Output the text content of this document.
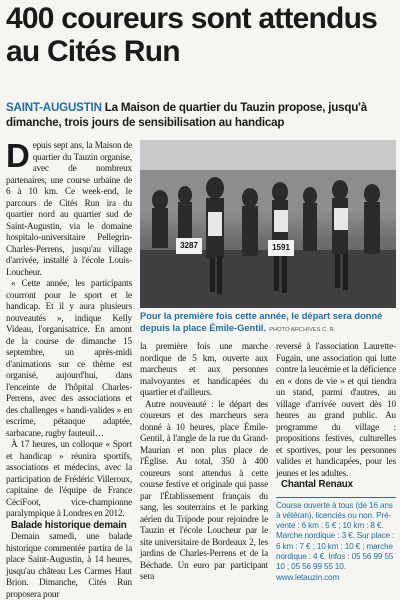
400 coureurs sont attendus au Cités Run
SAINT-AUGUSTIN La Maison de quartier du Tauzin propose, jusqu'à dimanche, trois jours de sensibilisation au handicap

Depuis sept ans, la Maison de quartier du Tauzin organise, avec de nombreux partenaires, une course urbaine de 6 à 10 km. Ce week-end, le parcours de Cités Run ira du quartier nord au quartier sud de Saint-Augustin, via le domaine hospitalo-universitaire Pellegrin-Charles-Perrens, jusqu'au village d'arrivée, installé à l'école Louis-Loucheur.

« Cette année, les participants courront pour le sport et le handicap. Et il y aura plusieurs nouveautés », indique Kelly Videau, l'organisatrice. En amont de la course de dimanche 15 septembre, un après-midi d'animations sur ce thème est organisé, aujourd'hui, dans l'enceinte de l'hôpital Charles-Perrens, avec des associations et des challenges « handi-valides » en escrime, pétanque adaptée, sarbacane, rugby fauteuil…

À 17 heures, un colloque « Sport et handicap » réunira sportifs, associations et médecins, avec la participation de Frédéric Villeroux, capitaine de l'équipe de France CéciFoot, vice-championne paralympique à Londres en 2012.

Balade historique demain

Demain samedi, une balade historique commentée partira de la place Saint-Augustin, à 14 heures, jusqu'au château Les Carmes Haut Brion. Dimanche, Cités Run proposera pour

3287	1591
Pour la première fois cette année, le départ sera donné depuis la place Émile-Gentil. PHOTO ARCHIVES C. R.

la première fois une marche nordique de 5 km, ouverte aux marcheurs et aux personnes malvoyantes et handicapées du quartier et d'ailleurs.

Autre nouveauté : le départ des coureurs et des marcheurs sera donné à 10 heures, place Émile-Gentil, à l'angle de la rue du Grand-Maurian et non plus place de l'Église. Au total, 350 à 400 coureurs sont attendus à cette course festive et originale qui passe par l'Établissement français du sang, les souterrains et le parking aérien du Tripode pour rejoindre le Tauzin et l'école Loucheur par le site universitaire de Bordeaux 2, les jardins de Charles-Perrens et de la Béchade. Un euro par participant sera

reversé à l'association Laurette-Fugain, une association qui lutte contre la leucémie et la déficience en « dons de vie » et qui tiendra un stand, parmi d'autres, au village d'arrivée ouvert dès 10 heures au grand public. Au programme du village : propositions festives, culturelles et sportives, pour les personnes valides et handicapées, pour les jeunes et les adultes.

Chantal Renaux

Course ouverte à tous (de 16 ans à vétéran), licenciés ou non. Pré-vente : 6 km : 5 € ; 10 km : 8 €. Marche nordique : 3 €. Sur place : 6 km : 7 € ; 10 km : 10 € ; marche nordique : 4 €. Infos : 05 56 99 55 10 ; 05 56 99 55 10. www.letauzin.com
